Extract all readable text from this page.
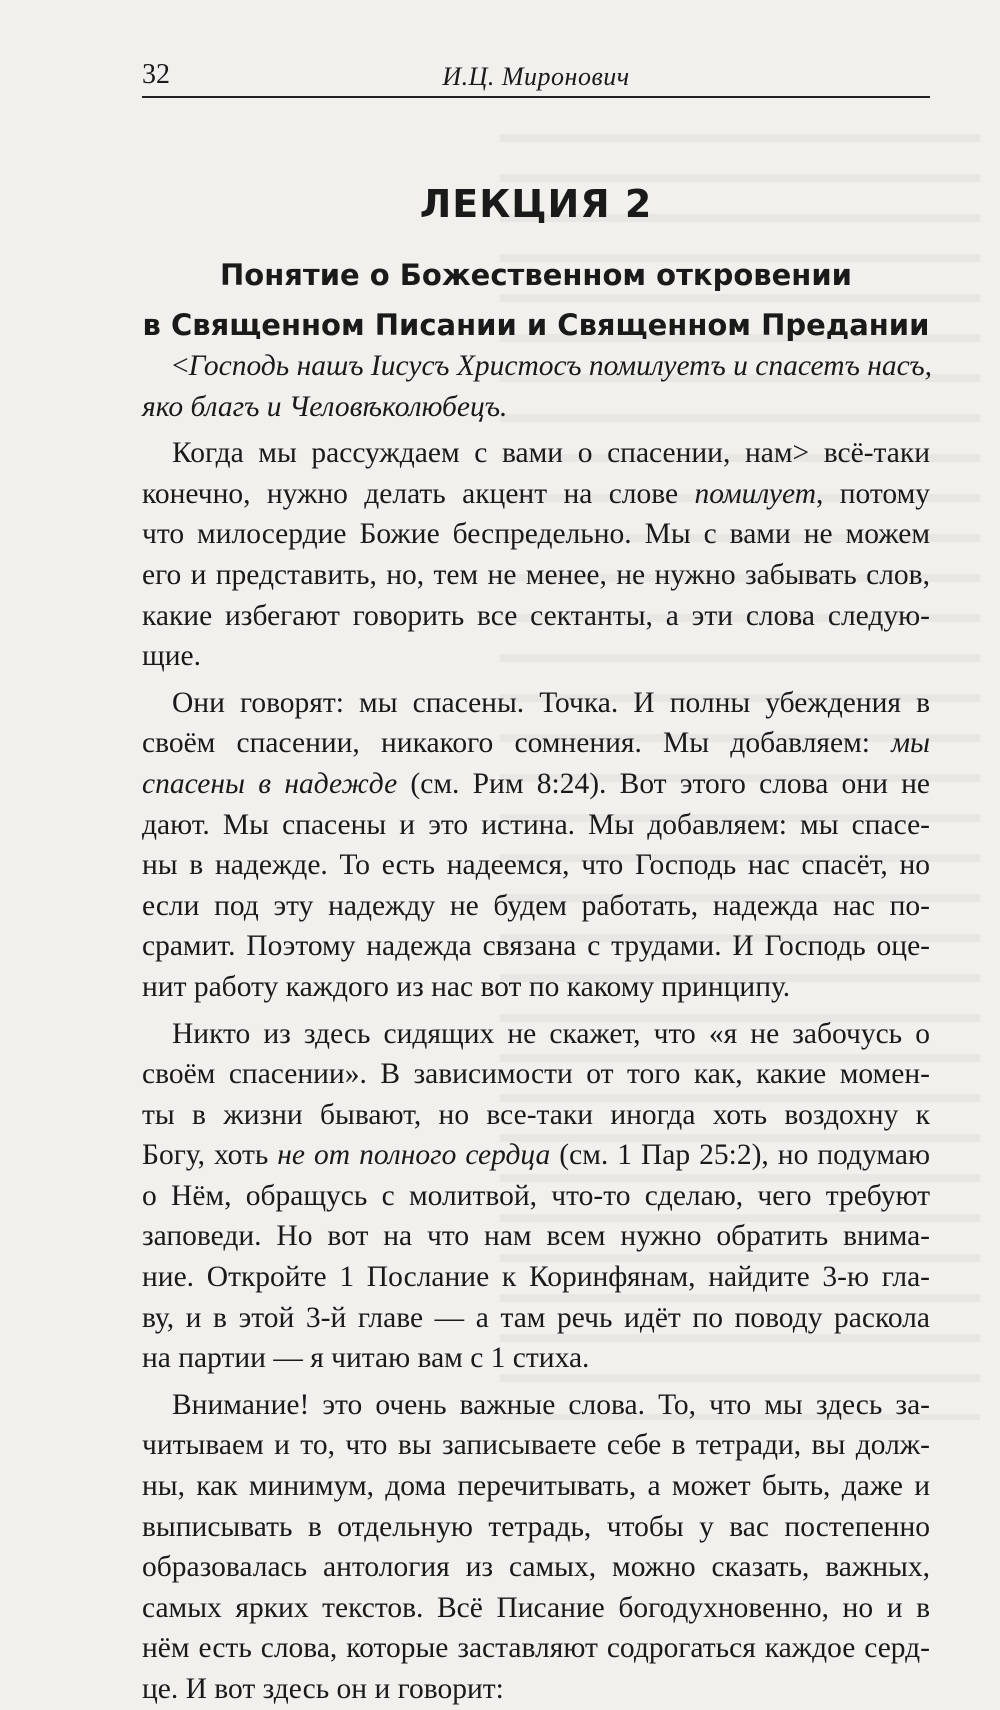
32	И.Ц. Миронович
ЛЕКЦИЯ 2
Понятие о Божественном откровении
в Священном Писании и Священном Предании
<Господь нашъ Іисусъ Христосъ помилуетъ и спасетъ насъ,
яко благъ и Человѣколюбецъ.
Когда мы рассуждаем с вами о спасении, нам> всё-таки
конечно, нужно делать акцент на слове помилует, потому
что милосердие Божие беспредельно. Мы с вами не можем
его и представить, но, тем не менее, не нужно забывать слов,
какие избегают говорить все сектанты, а эти слова следую-
щие.
Они говорят: мы спасены. Точка. И полны убеждения в
своём спасении, никакого сомнения. Мы добавляем: мы
спасены в надежде (см. Рим 8:24). Вот этого слова они не
дают. Мы спасены и это истина. Мы добавляем: мы спасе-
ны в надежде. То есть надеемся, что Господь нас спасёт, но
если под эту надежду не будем работать, надежда нас по-
срамит. Поэтому надежда связана с трудами. И Господь оце-
нит работу каждого из нас вот по какому принципу.
Никто из здесь сидящих не скажет, что «я не забочусь о
своём спасении». В зависимости от того как, какие момен-
ты в жизни бывают, но все-таки иногда хоть воздохну к
Богу, хоть не от полного сердца (см. 1 Пар 25:2), но подумаю
о Нём, обращусь с молитвой, что-то сделаю, чего требуют
заповеди. Но вот на что нам всем нужно обратить внима-
ние. Откройте 1 Послание к Коринфянам, найдите 3-ю гла-
ву, и в этой 3-й главе — а там речь идёт по поводу раскола
на партии — я читаю вам с 1 стиха.
Внимание! это очень важные слова. То, что мы здесь за-
читываем и то, что вы записываете себе в тетради, вы долж-
ны, как минимум, дома перечитывать, а может быть, даже и
выписывать в отдельную тетрадь, чтобы у вас постепенно
образовалась антология из самых, можно сказать, важных,
самых ярких текстов. Всё Писание богодухновенно, но и в
нём есть слова, которые заставляют содрогаться каждое серд-
це. И вот здесь он и говорит:
